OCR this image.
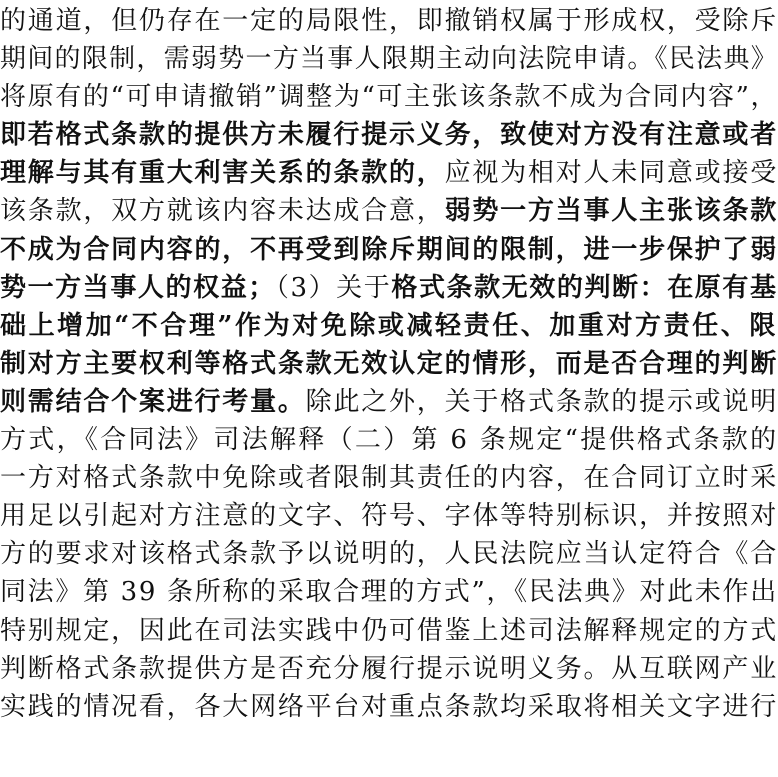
的通道，但仍存在一定的局限性，即撤销权属于形成权，受除斥
期间的限制，需弱势一方当事人限期主动向法院申请。《民法典》
将原有的“可申请撤销”调整为“可主张该条款不成为合同内容”，
即若格式条款的提供方未履行提示义务，致使对方没有注意或者
理解与其有重大利害关系的条款的，应视为相对人未同意或接受
该条款，双方就该内容未达成合意，弱势一方当事人主张该条款
不成为合同内容的，不再受到除斥期间的限制，进一步保护了弱
势一方当事人的权益；（3）关于格式条款无效的判断：在原有基
础上增加“不合理”作为对免除或减轻责任、加重对方责任、限
制对方主要权利等格式条款无效认定的情形，而是否合理的判断
则需结合个案进行考量。除此之外，关于格式条款的提示或说明
方式，《合同法》司法解释（二）第 6 条规定“提供格式条款的
一方对格式条款中免除或者限制其责任的内容，在合同订立时采
用足以引起对方注意的文字、符号、字体等特别标识，并按照对
方的要求对该格式条款予以说明的，人民法院应当认定符合《合
同法》第 39 条所称的采取合理的方式”，《民法典》对此未作出
特别规定，因此在司法实践中仍可借鉴上述司法解释规定的方式
判断格式条款提供方是否充分履行提示说明义务。从互联网产业
实践的情况看，各大网络平台对重点条款均采取将相关文字进行
